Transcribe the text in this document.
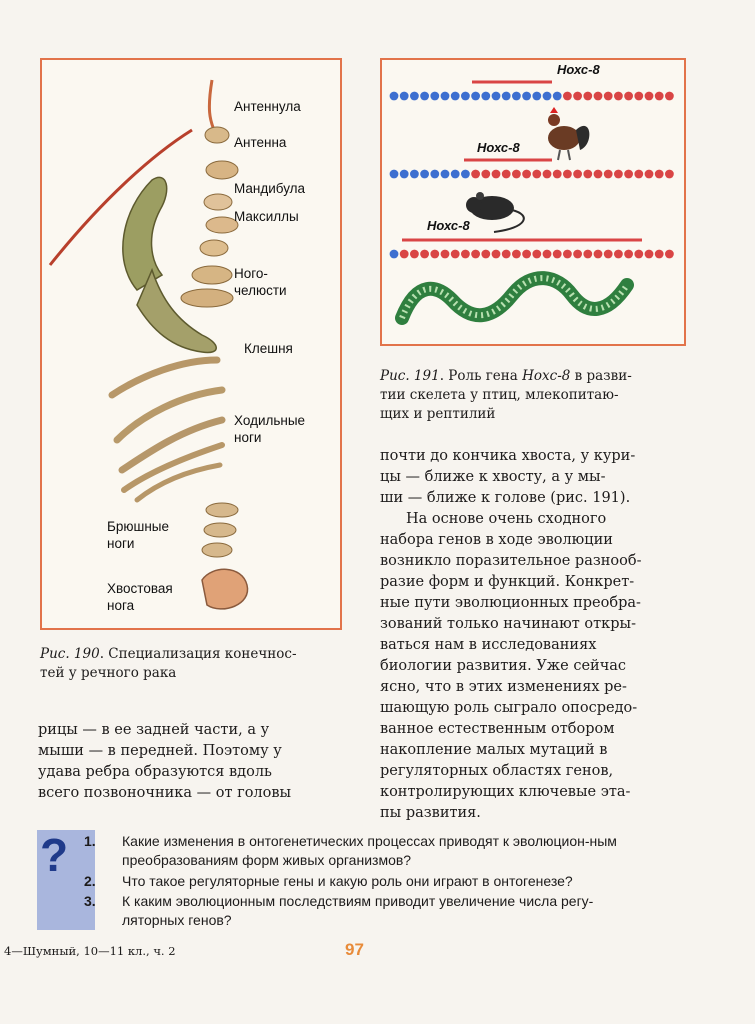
Антеннула
Антенна
Мандибула
Максиллы
Ного-
челюсти
Клешня
Ходильные
ноги
Брюшные
ноги
Хвостовая
нога
Рис. 190. Специализация конечнос-
тей у речного рака
Нохс-8
Нохс-8
Нохс-8
Рис. 191. Роль гена Нохс-8 в разви-
тии скелета у птиц, млекопитаю-
щих и рептилий

рицы — в ее задней части, а у

мыши — в передней. Поэтому у

удава ребра образуются вдоль

всего позвоночника — от головы

почти до кончика хвоста, у кури-

цы — ближе к хвосту, а у мы-

ши — ближе к голове (рис. 191).

На основе очень сходного

набора генов в ходе эволюции

возникло поразительное разнооб-

разие форм и функций. Конкрет-

ные пути эволюционных преобра-

зований только начинают откры-

ваться нам в исследованиях

биологии развития. Уже сейчас

ясно, что в этих изменениях ре-

шающую роль сыграло опосредо-

ванное естественным отбором

накопление малых мутаций в

регуляторных областях генов,

контролирующих ключевые эта-

пы развития.

? 1. Какие изменения в онтогенетических процессах приводят к эволюцион-ным преобразованиям форм живых организмов?
2. Что такое регуляторные гены и какую роль они играют в онтогенезе?
3. К каким эволюционным последствиям приводит увеличение числа регу-ляторных генов?
4—Шумный, 10—11 кл., ч. 2	97
